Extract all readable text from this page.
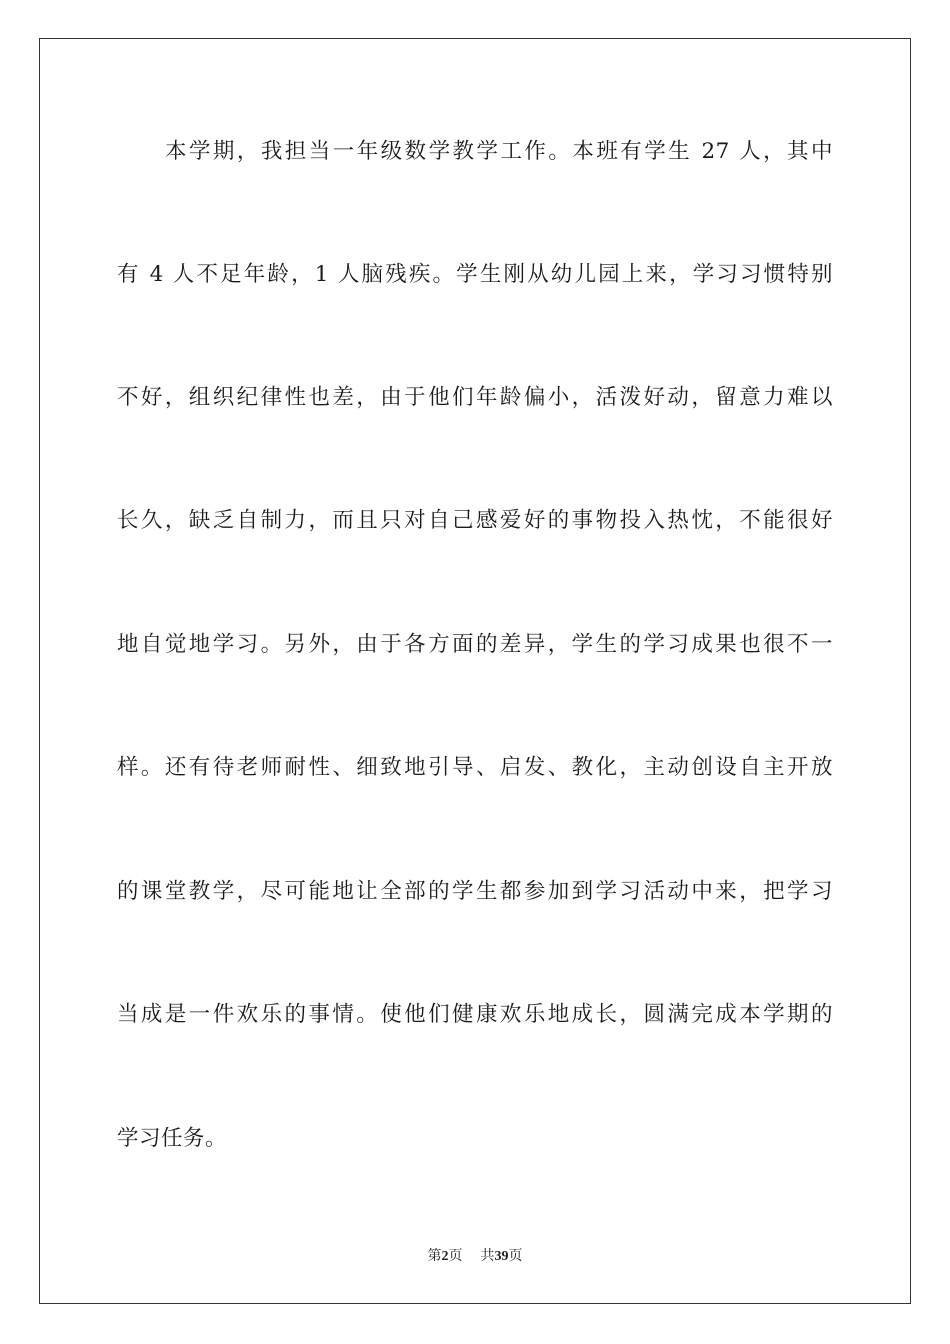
本学期，我担当一年级数学教学工作。本班有学生 27 人，其中
有 4 人不足年龄，1 人脑残疾。学生刚从幼儿园上来，学习习惯特别
不好，组织纪律性也差，由于他们年龄偏小，活泼好动，留意力难以
长久，缺乏自制力，而且只对自己感爱好的事物投入热忱，不能很好
地自觉地学习。另外，由于各方面的差异，学生的学习成果也很不一
样。还有待老师耐性、细致地引导、启发、教化，主动创设自主开放
的课堂教学，尽可能地让全部的学生都参加到学习活动中来，把学习
当成是一件欢乐的事情。使他们健康欢乐地成长，圆满完成本学期的
学习任务。
第2页 共39页
